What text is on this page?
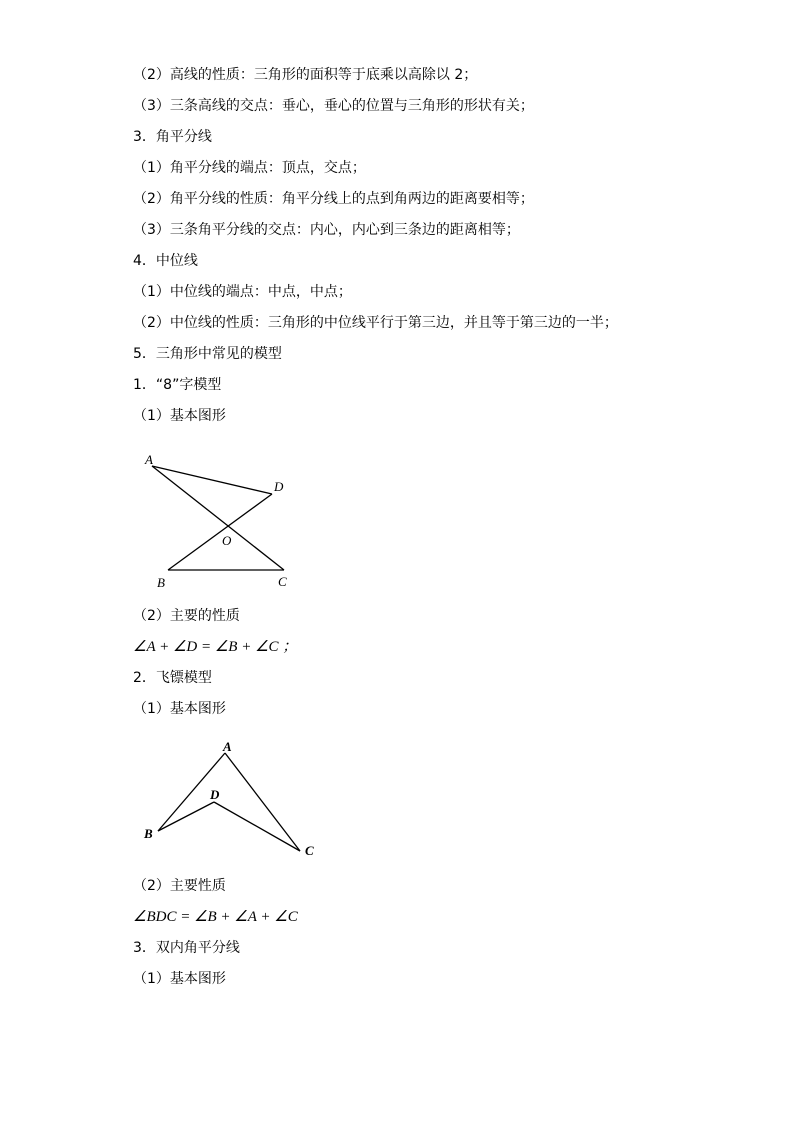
（2）高线的性质：三角形的面积等于底乘以高除以 2；
（3）三条高线的交点：垂心，垂心的位置与三角形的形状有关；
3．角平分线
（1）角平分线的端点：顶点，交点；
（2）角平分线的性质：角平分线上的点到角两边的距离要相等；
（3）三条角平分线的交点：内心，内心到三条边的距离相等；
4．中位线
（1）中位线的端点：中点，中点；
（2）中位线的性质：三角形的中位线平行于第三边，并且等于第三边的一半；
5．三角形中常见的模型
1．“8”字模型
（1）基本图形
A
D
O
B	C
（2）主要的性质
∠A + ∠D = ∠B + ∠C ；
2．飞镖模型
（1）基本图形
A
D
B
C
（2）主要性质
∠BDC = ∠B + ∠A + ∠C
3．双内角平分线
（1）基本图形
